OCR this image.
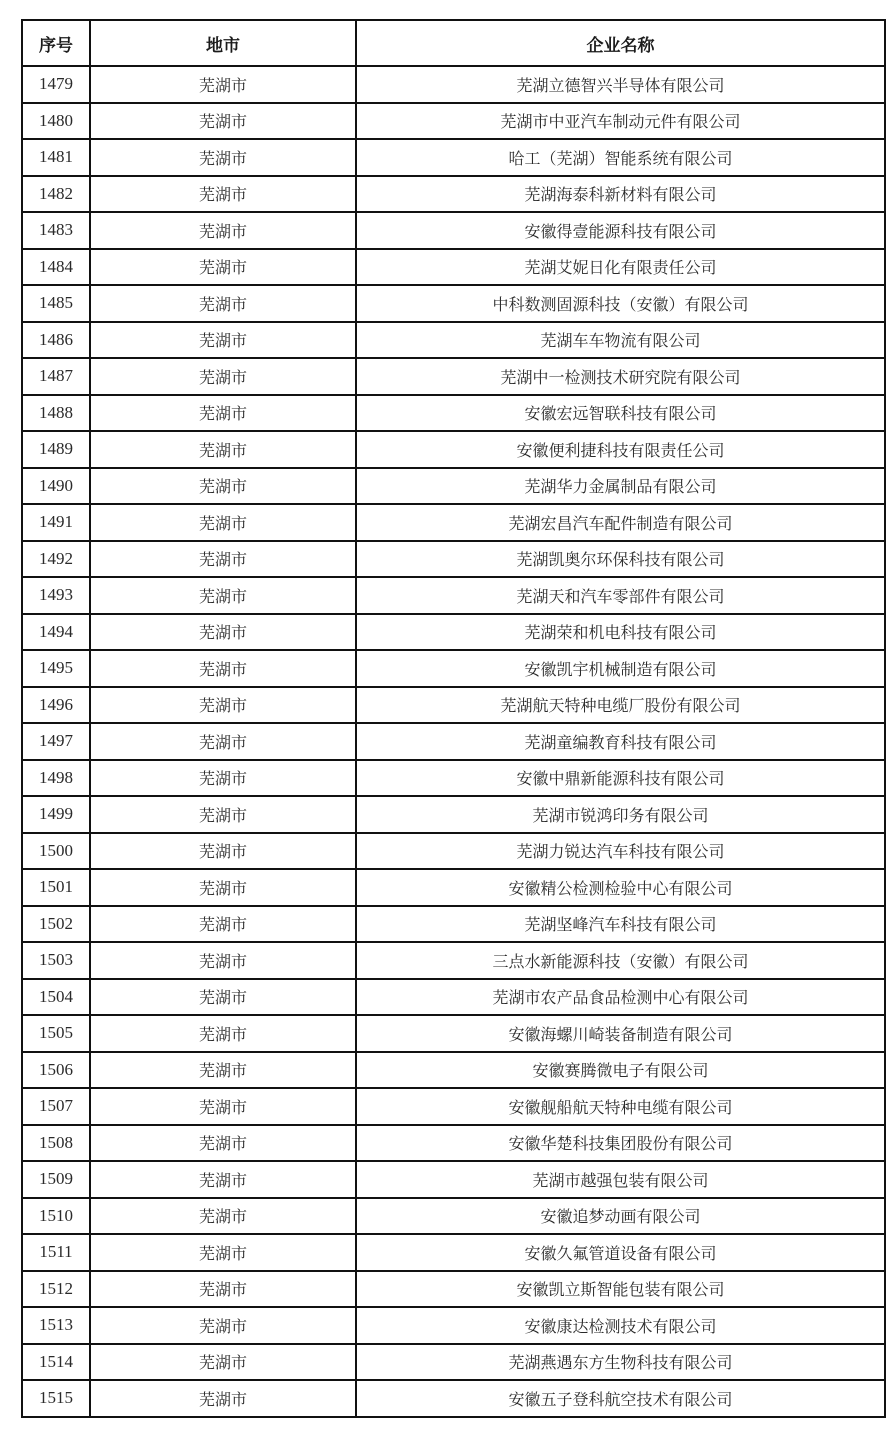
序号	地市	企业名称
1479	芜湖市	芜湖立德智兴半导体有限公司
1480	芜湖市	芜湖市中亚汽车制动元件有限公司
1481	芜湖市	哈工（芜湖）智能系统有限公司
1482	芜湖市	芜湖海泰科新材料有限公司
1483	芜湖市	安徽得壹能源科技有限公司
1484	芜湖市	芜湖艾妮日化有限责任公司
1485	芜湖市	中科数测固源科技（安徽）有限公司
1486	芜湖市	芜湖车车物流有限公司
1487	芜湖市	芜湖中一检测技术研究院有限公司
1488	芜湖市	安徽宏远智联科技有限公司
1489	芜湖市	安徽便利捷科技有限责任公司
1490	芜湖市	芜湖华力金属制品有限公司
1491	芜湖市	芜湖宏昌汽车配件制造有限公司
1492	芜湖市	芜湖凯奥尔环保科技有限公司
1493	芜湖市	芜湖天和汽车零部件有限公司
1494	芜湖市	芜湖荣和机电科技有限公司
1495	芜湖市	安徽凯宇机械制造有限公司
1496	芜湖市	芜湖航天特种电缆厂股份有限公司
1497	芜湖市	芜湖童编教育科技有限公司
1498	芜湖市	安徽中鼎新能源科技有限公司
1499	芜湖市	芜湖市锐鸿印务有限公司
1500	芜湖市	芜湖力锐达汽车科技有限公司
1501	芜湖市	安徽精公检测检验中心有限公司
1502	芜湖市	芜湖坚峰汽车科技有限公司
1503	芜湖市	三点水新能源科技（安徽）有限公司
1504	芜湖市	芜湖市农产品食品检测中心有限公司
1505	芜湖市	安徽海螺川崎装备制造有限公司
1506	芜湖市	安徽赛腾微电子有限公司
1507	芜湖市	安徽舰船航天特种电缆有限公司
1508	芜湖市	安徽华楚科技集团股份有限公司
1509	芜湖市	芜湖市越强包装有限公司
1510	芜湖市	安徽追梦动画有限公司
1511	芜湖市	安徽久氟管道设备有限公司
1512	芜湖市	安徽凯立斯智能包装有限公司
1513	芜湖市	安徽康达检测技术有限公司
1514	芜湖市	芜湖燕遇东方生物科技有限公司
1515	芜湖市	安徽五子登科航空技术有限公司
